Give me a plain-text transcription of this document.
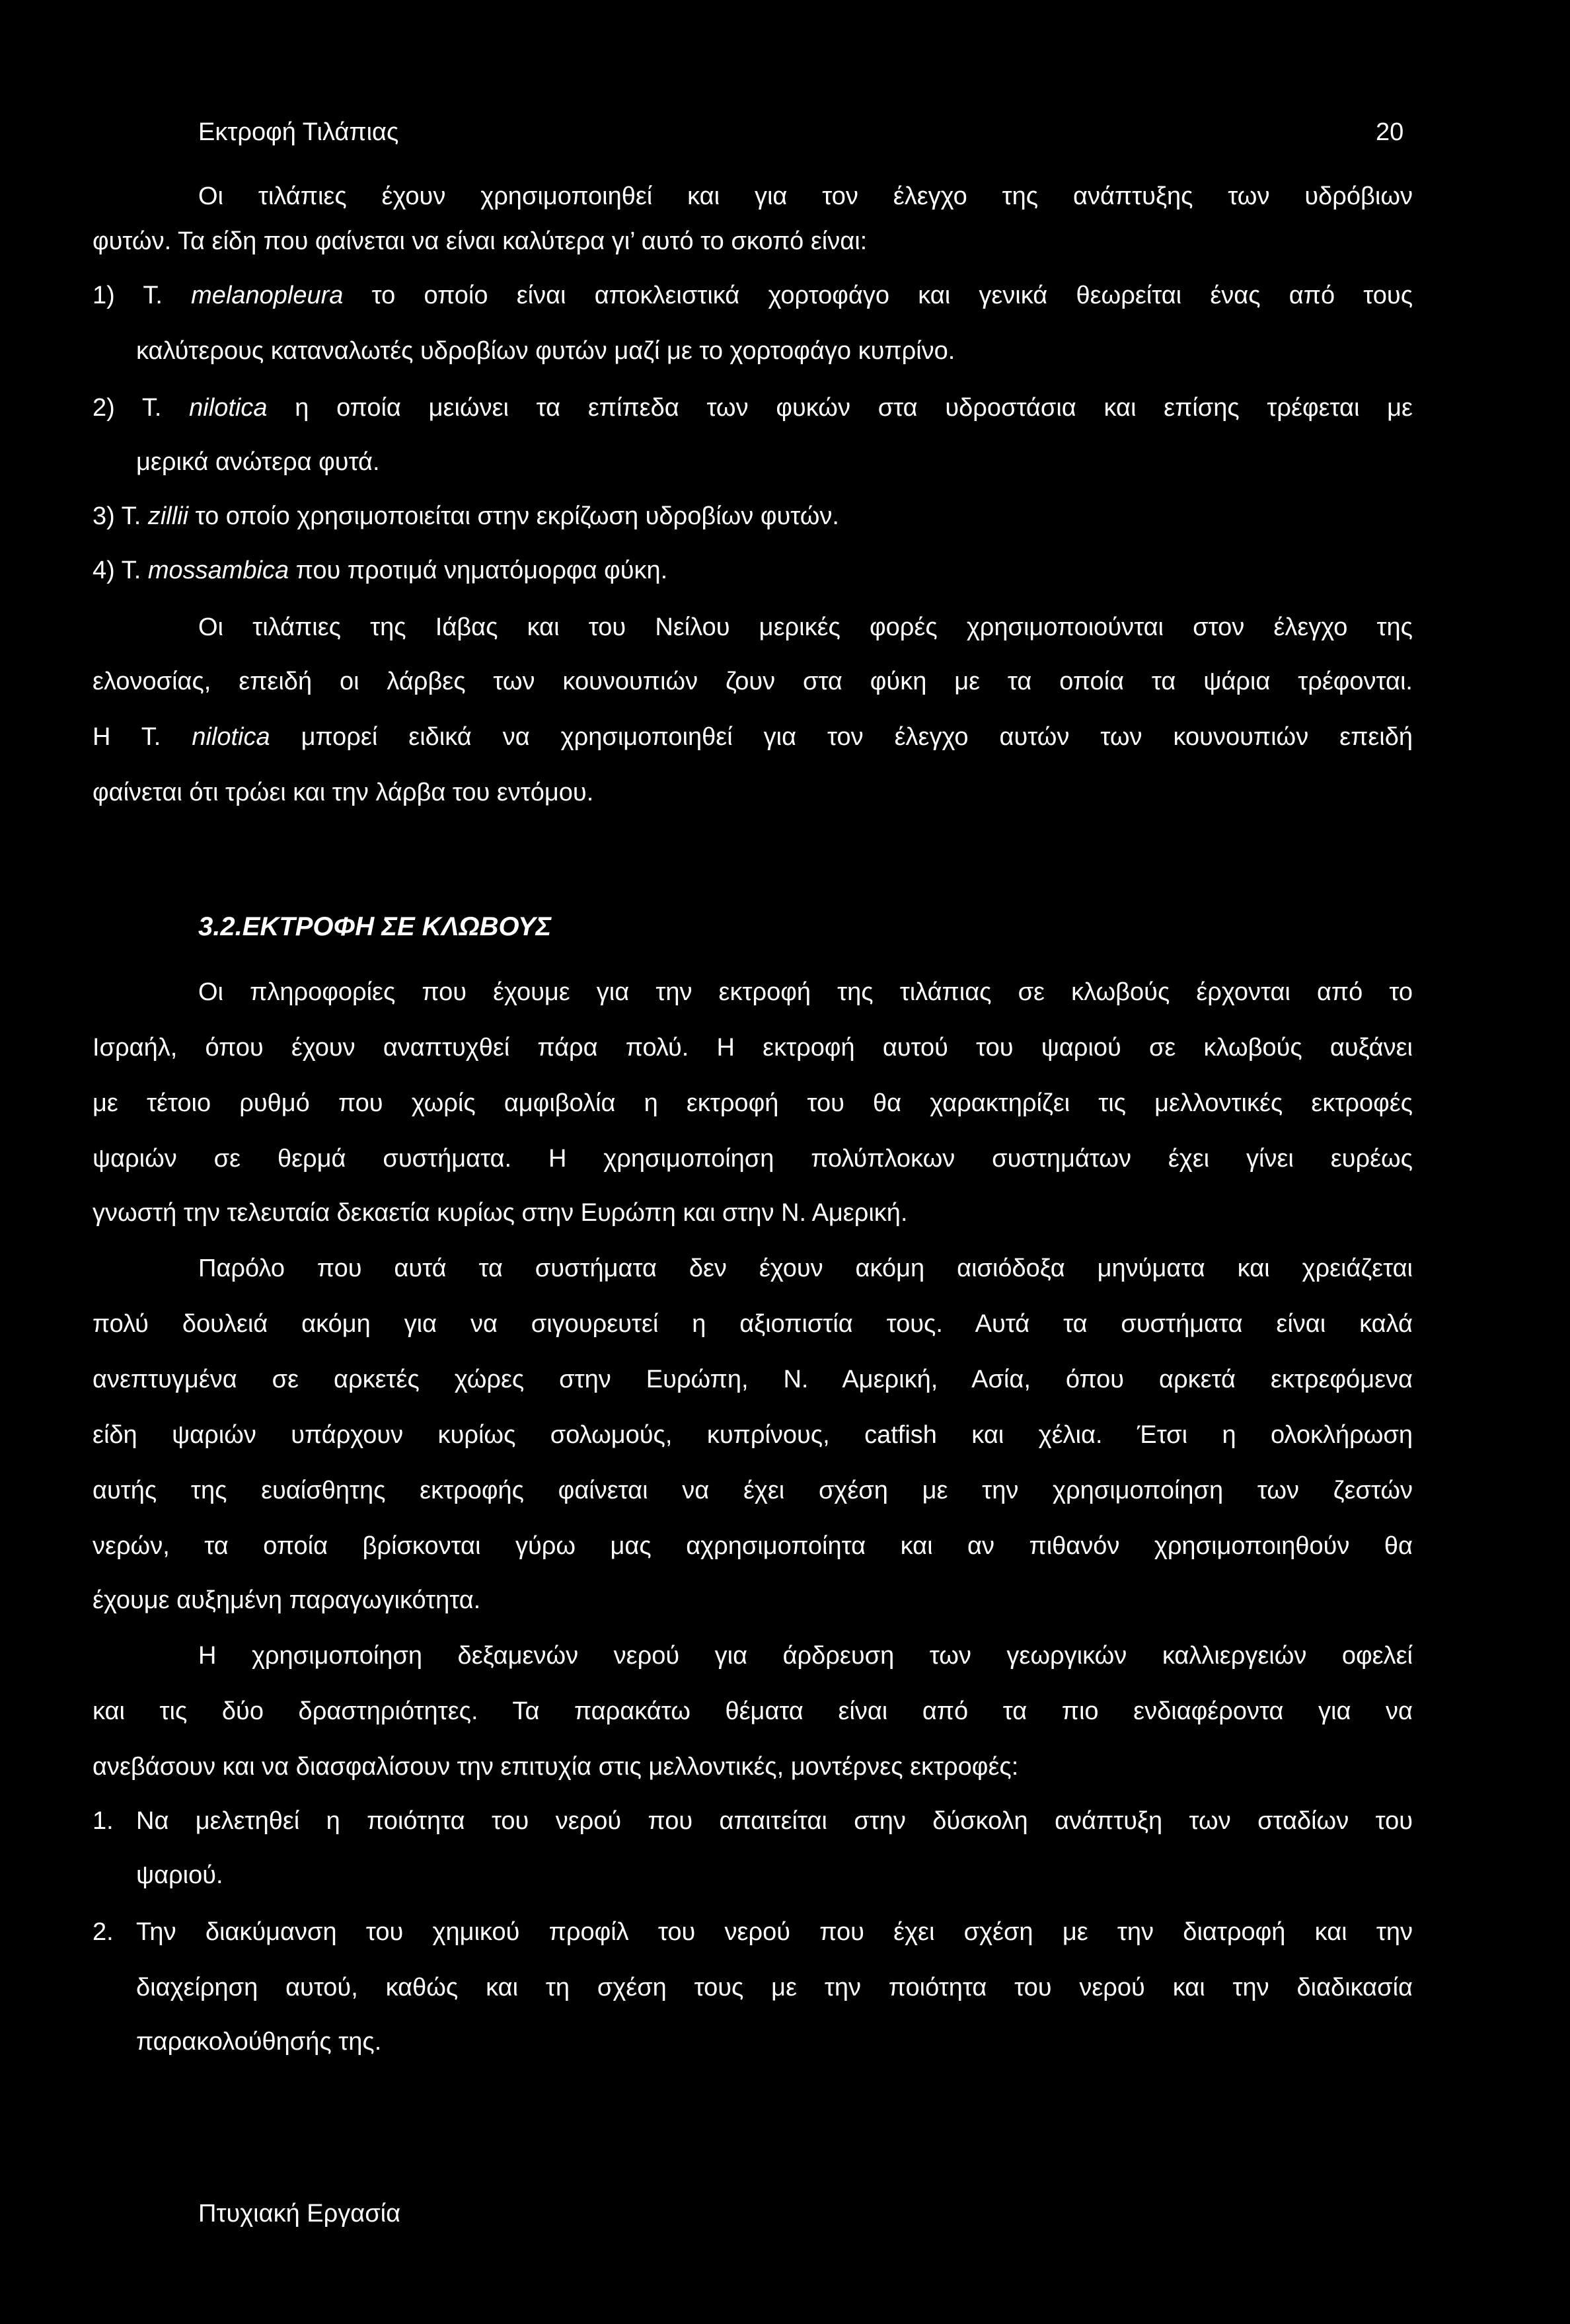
Εκτροφή Τιλάπιας	20
Οι τιλάπιες έχουν χρησιμοποιηθεί και για τον έλεγχο της ανάπτυξης των υδρόβιων
φυτών. Τα είδη που φαίνεται να είναι καλύτερα γι’ αυτό το σκοπό είναι:
1) Τ. melanopleura το οποίο είναι αποκλειστικά χορτοφάγο και γενικά θεωρείται ένας από τους
καλύτερους καταναλωτές υδροβίων φυτών μαζί με το χορτοφάγο κυπρίνο.
2) Τ. nilotica η οποία μειώνει τα επίπεδα των φυκών στα υδροστάσια και επίσης τρέφεται με
μερικά ανώτερα φυτά.
3) Τ. zillii το οποίο χρησιμοποιείται στην εκρίζωση υδροβίων φυτών.
4) Τ. mossambica που προτιμά νηματόμορφα φύκη.
Οι τιλάπιες της Ιάβας και του Νείλου μερικές φορές χρησιμοποιούνται στον έλεγχο της
ελονοσίας, επειδή οι λάρβες των κουνουπιών ζουν στα φύκη με τα οποία τα ψάρια τρέφονται.
Η Τ. nilotica μπορεί ειδικά να χρησιμοποιηθεί για τον έλεγχο αυτών των κουνουπιών επειδή
φαίνεται ότι τρώει και την λάρβα του εντόμου.
3.2.ΕΚΤΡΟΦΗ ΣΕ ΚΛΩΒΟΥΣ
Οι πληροφορίες που έχουμε για την εκτροφή της τιλάπιας σε κλωβούς έρχονται από το
Ισραήλ, όπου έχουν αναπτυχθεί πάρα πολύ. Η εκτροφή αυτού του ψαριού σε κλωβούς αυξάνει
με τέτοιο ρυθμό που χωρίς αμφιβολία η εκτροφή του θα χαρακτηρίζει τις μελλοντικές εκτροφές
ψαριών σε θερμά συστήματα. Η χρησιμοποίηση πολύπλοκων συστημάτων έχει γίνει ευρέως
γνωστή την τελευταία δεκαετία κυρίως στην Ευρώπη και στην Ν. Αμερική.
Παρόλο που αυτά τα συστήματα δεν έχουν ακόμη αισιόδοξα μηνύματα και χρειάζεται
πολύ δουλειά ακόμη για να σιγουρευτεί η αξιοπιστία τους. Αυτά τα συστήματα είναι καλά
ανεπτυγμένα σε αρκετές χώρες στην Ευρώπη, Ν. Αμερική, Ασία, όπου αρκετά εκτρεφόμενα
είδη ψαριών υπάρχουν κυρίως σολωμούς, κυπρίνους, catfish και χέλια. Έτσι η ολοκλήρωση
αυτής της ευαίσθητης εκτροφής φαίνεται να έχει σχέση με την χρησιμοποίηση των ζεστών
νερών, τα οποία βρίσκονται γύρω μας αχρησιμοποίητα και αν πιθανόν χρησιμοποιηθούν θα
έχουμε αυξημένη παραγωγικότητα.
Η χρησιμοποίηση δεξαμενών νερού για άρδρευση των γεωργικών καλλιεργειών οφελεί
και τις δύο δραστηριότητες. Τα παρακάτω θέματα είναι από τα πιο ενδιαφέροντα για να
ανεβάσουν και να διασφαλίσουν την επιτυχία στις μελλοντικές, μοντέρνες εκτροφές:
1. Να μελετηθεί η ποιότητα του νερού που απαιτείται στην δύσκολη ανάπτυξη των σταδίων του
ψαριού.
2. Την διακύμανση του χημικού προφίλ του νερού που έχει σχέση με την διατροφή και την
διαχείρηση αυτού, καθώς και τη σχέση τους με την ποιότητα του νερού και την διαδικασία
παρακολούθησής της.
Πτυχιακή Εργασία
